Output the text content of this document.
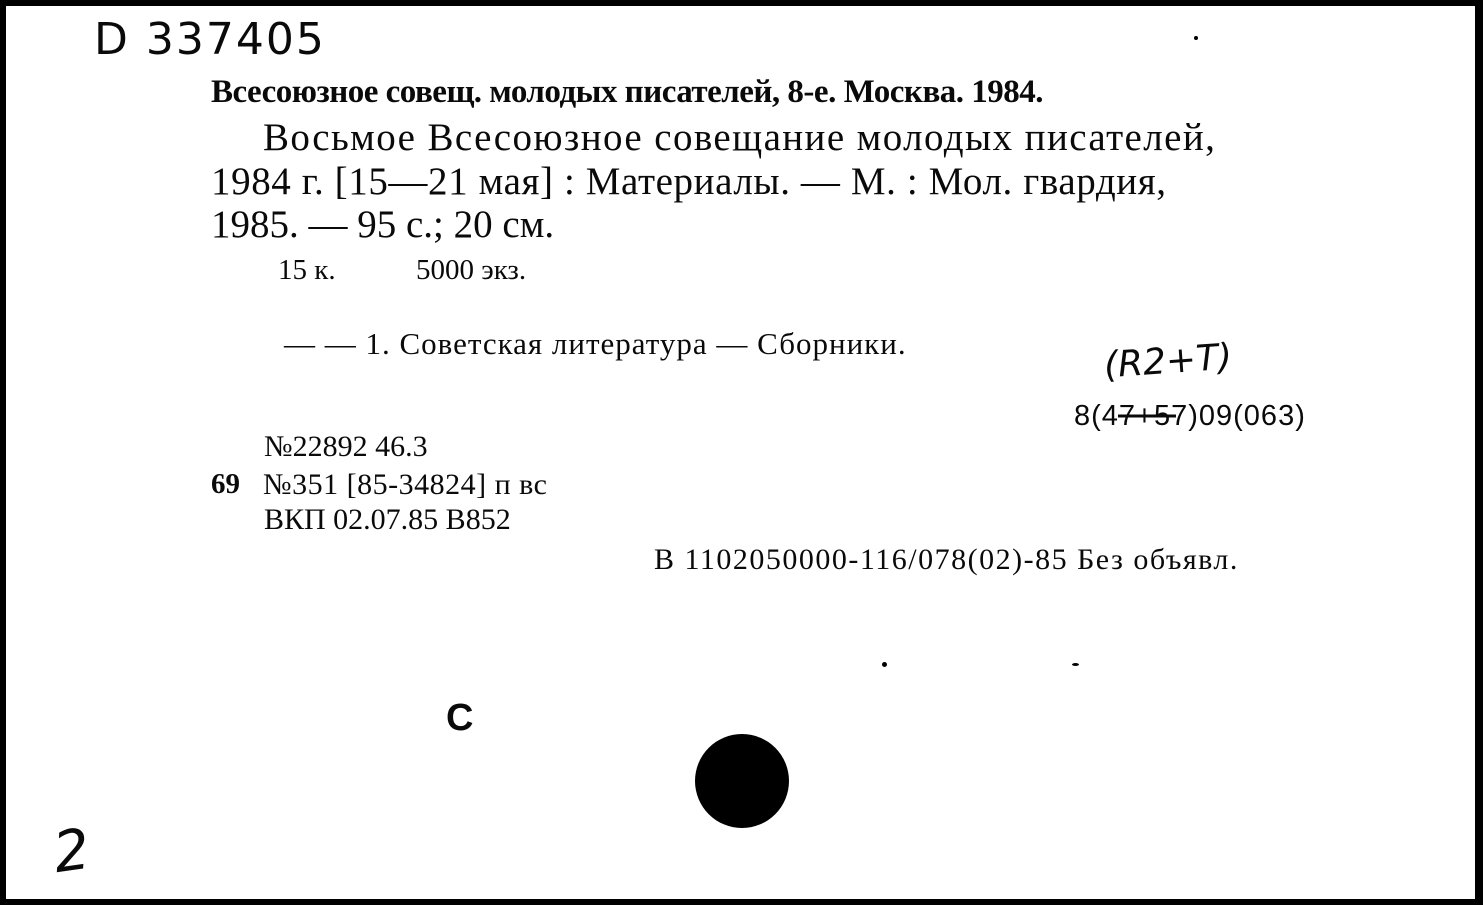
D 337405
Всесоюзное совещ. молодых писателей, 8-е. Москва. 1984.
Восьмое Всесоюзное совещание молодых писателей,
1984 г. [15—21 мая] : Материалы. — М. : Мол. гвардия,
1985. — 95 с.; 20 см.
15 к.	5000 экз.
— — 1. Советская литература — Сборники.	(R2+T)
8(47+57)09(063)
№22892 46.3
69 №351 [85-34824] п вс
ВКП 02.07.85 В852
В 1102050000-116/078(02)-85 Без объявл.
С
2
